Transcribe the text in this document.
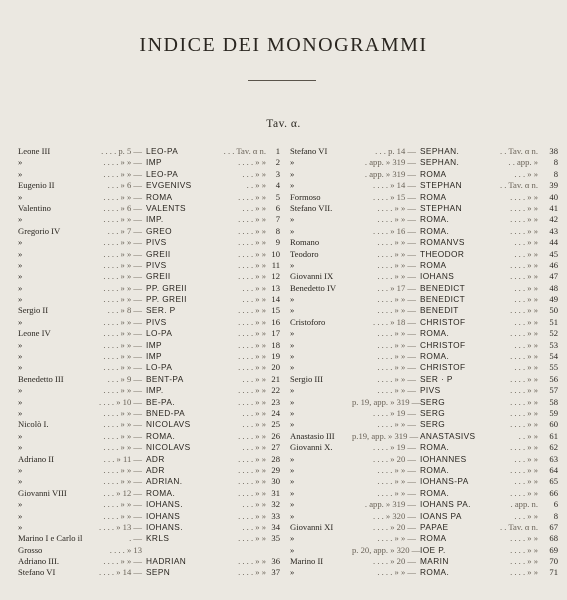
INDICE DEI MONOGRAMMI
Tav. α.
Leone III	. . . . p. 5 — LEO-PA	. . . Tav. α n.	1
»	. . . . » » — IMP	. . . . » »	2
»	. . . . » » — LEO-PA	. . . » »	3
Eugenio II	. . . » 6 — EVGENIVS	. . » »	4
»	. . . . » » — ROMA	. . . . » »	5
Valentino	. . . . » 6 — VALENTS	. . . » »	6
»	. . . . » » — IMP.	. . . . » »	7
Gregorio IV	. . . » 7 — GREO	. . . . » »	8
»	. . . . » » — PIVS	. . . . » »	9
»	. . . . » » — GREII	. . . . » » 10
»	. . . . » » — PIVS	. . . . » » 11
»	. . . . » » — GREII	. . . . » » 12
»	. . . . » » — PP. GREII	. . . » » 13
»	. . . . » » — PP. GREII	. . . » » 14
Sergio II	. . . » 8 — SER. P	. . . . » » 15
»	. . . . » » — PIVS	. . . . » » 16
Leone IV	. . . . » » — LO-PA	. . . . » » 17
»	. . . . » » — IMP	. . . . » » 18
»	. . . . » » — IMP	. . . . » » 19
»	. . . . » » — LO-PA	. . . . » » 20
Benedetto III	. . . » 9 — BENT-PA	. . . » » 21
»	. . . . » » — IMP.	. . . . » » 22
»	. . . . » 10 — BE-PA.	. . . . » » 23
»	. . . . » » — BNED-PA	. . . » » 24
Nicolò I.	. . . . » » — NICOLAVS	. . . » » 25
»	. . . . » » — ROMA.	. . . . » » 26
»	. . . . » » — NICOLAVS	. . . » » 27
Adriano II	. . . » 11 — ADR	. . . . » » 28
»	. . . . » » — ADR	. . . . » » 29
»	. . . . » » — ADRIAN.	. . . . » » 30
Giovanni VIII	. . . » 12 — ROMA.	. . . . » » 31
»	. . . . » » — IOHANS.	. . . » » 32
»	. . . . » » — IOHANS	. . . . » » 33
»	. . . . » 13 — IOHANS.	. . . » » 34
Marino I e Carlo il	. — KRLS	. . . . » » 35
Grosso	. . . . » 13
Adriano III.	. . . . » » — HADRIAN	. . . . » » 36
Stefano VI	. . . . » 14 — SEPN	. . . . » » 37
Stefano VI	. . . p. 14 — SEPHAN.	. . Tav. α n.	38
»	. app. » 319 — SEPHAN.	. . app. »	8
»	. app. » 319 — ROMA	. . . » »	8
»	. . . . » 14 — STEPHAN	. . Tav. α n.	39
Formoso	. . . . » 15 — ROMA	. . . . » »	40
Stefano VII.	. . . . » » — STEPHAN	. . . . » »	41
»	. . . . » » — ROMA.	. . . . » »	42
»	. . . . » 16 — ROMA.	. . . . » »	43
Romano	. . . . » » — ROMANVS	. . . » »	44
Teodoro	. . . . » » — THEODOR	. . . » »	45
»	. . . . » » — ROMA	. . . . » »	46
Giovanni IX	. . . . » » — IOHANS	. . . . » »	47
Benedetto IV	. . . » 17 — BENEDICT	. . . » »	48
»	. . . . » » — BENEDICT	. . . » »	49
»	. . . . » » — BENEDIT	. . . . » »	50
Cristoforo	. . . . » 18 — CHRISTOF	. . . » »	51
»	. . . . » » — ROMA.	. . . . » »	52
»	. . . . » » — CHRISTOF	. . . » »	53
»	. . . . » » — ROMA.	. . . . » »	54
»	. . . . » » — CHRISTOF	. . . » »	55
Sergio III	. . . . » » — SER · P	. . . . » »	56
»	. . . . » » — PIVS	. . . . » »	57
»	p. 19, app. » 319 — SERG	. . . . » »	58
»	. . . . » 19 — SERG	. . . . » »	59
»	. . . . » » — SERG	. . . . » »	60
Anastasio III p.19, app. » 319 — ANASTASIVS	. . » »	61
Giovanni X.	. . . . » 19 — ROMA.	. . . . » »	62
»	. . . . » 20 — IOHANNES	. . . » »	63
»	. . . . » » — ROMA.	. . . . » »	64
»	. . . . » » — IOHANS-PA	. . . » »	65
»	. . . . » » — ROMA.	. . . . » »	66
»	. app. » 319 — IOHANS PA.	. app. n.	6
»	. . . » 320 — IOANS PA	. . . » »	8
Giovanni XI	. . . . » 20 — PAPAE	. . Tav. α n.	67
»	. . . . » » — ROMA	. . . . » »	68
»	p. 20, app. » 320 — IOE P.	. . . . » »	69
Marino II	. . . . » 20 — MARIN	. . . . » »	70
»	. . . . » » — ROMA.	. . . . » »	71
